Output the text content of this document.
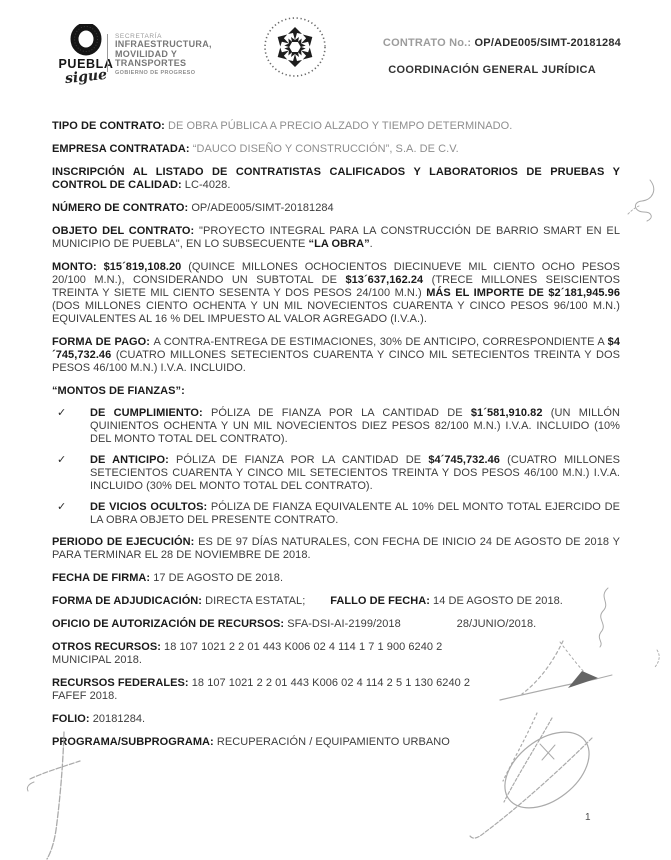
PUEBLA
sigue
SECRETARÍA
INFRAESTRUCTURA,
MOVILIDAD Y
TRANSPORTES
GOBIERNO DE PROGRESO
CONTRATO No.: OP/ADE005/SIMT-20181284
COORDINACIÓN GENERAL JURÍDICA
TIPO DE CONTRATO: DE OBRA PÚBLICA A PRECIO ALZADO Y TIEMPO DETERMINADO.
EMPRESA CONTRATADA: “DAUCO DISEÑO Y CONSTRUCCIÓN”, S.A. DE C.V.
INSCRIPCIÓN AL LISTADO DE CONTRATISTAS CALIFICADOS Y LABORATORIOS DE PRUEBAS Y CONTROL DE CALIDAD: LC-4028.
NÚMERO DE CONTRATO: OP/ADE005/SIMT-20181284
OBJETO DEL CONTRATO: "PROYECTO INTEGRAL PARA LA CONSTRUCCIÓN DE BARRIO SMART EN EL MUNICIPIO DE PUEBLA", EN LO SUBSECUENTE “LA OBRA”.
MONTO: $15´819,108.20 (QUINCE MILLONES OCHOCIENTOS DIECINUEVE MIL CIENTO OCHO PESOS 20/100 M.N.), CONSIDERANDO UN SUBTOTAL DE $13´637,162.24 (TRECE MILLONES SEISCIENTOS TREINTA Y SIETE MIL CIENTO SESENTA Y DOS PESOS 24/100 M.N.) MÁS EL IMPORTE DE $2´181,945.96 (DOS MILLONES CIENTO OCHENTA Y UN MIL NOVECIENTOS CUARENTA Y CINCO PESOS 96/100 M.N.) EQUIVALENTES AL 16 % DEL IMPUESTO AL VALOR AGREGADO (I.V.A.).
FORMA DE PAGO: A CONTRA-ENTREGA DE ESTIMACIONES, 30% DE ANTICIPO, CORRESPONDIENTE A $4´745,732.46 (CUATRO MILLONES SETECIENTOS CUARENTA Y CINCO MIL SETECIENTOS TREINTA Y DOS PESOS 46/100 M.N.) I.V.A. INCLUIDO.
“MONTOS DE FIANZAS”:
✓	DE CUMPLIMIENTO: PÓLIZA DE FIANZA POR LA CANTIDAD DE $1´581,910.82 (UN MILLÓN QUINIENTOS OCHENTA Y UN MIL NOVECIENTOS DIEZ PESOS 82/100 M.N.) I.V.A. INCLUIDO (10% DEL MONTO TOTAL DEL CONTRATO).
✓	DE ANTICIPO: PÓLIZA DE FIANZA POR LA CANTIDAD DE $4´745,732.46 (CUATRO MILLONES SETECIENTOS CUARENTA Y CINCO MIL SETECIENTOS TREINTA Y DOS PESOS 46/100 M.N.) I.V.A. INCLUIDO (30% DEL MONTO TOTAL DEL CONTRATO).
✓	DE VICIOS OCULTOS: PÓLIZA DE FIANZA EQUIVALENTE AL 10% DEL MONTO TOTAL EJERCIDO DE LA OBRA OBJETO DEL PRESENTE CONTRATO.
PERIODO DE EJECUCIÓN: ES DE 97 DÍAS NATURALES, CON FECHA DE INICIO 24 DE AGOSTO DE 2018 Y PARA TERMINAR EL 28 DE NOVIEMBRE DE 2018.
FECHA DE FIRMA: 17 DE AGOSTO DE 2018.
FORMA DE ADJUDICACIÓN: DIRECTA ESTATAL;        FALLO DE FECHA: 14 DE AGOSTO DE 2018.
OFICIO DE AUTORIZACIÓN DE RECURSOS: SFA-DSI-AI-2199/2018                  28/JUNIO/2018.
OTROS RECURSOS: 18 107 1021 2 2 01 443 K006 02 4 114 1 7 1 900 6240 2
MUNICIPAL 2018.
RECURSOS FEDERALES: 18 107 1021 2 2 01 443 K006 02 4 114 2 5 1 130 6240 2
FAFEF 2018.
FOLIO: 20181284.
PROGRAMA/SUBPROGRAMA: RECUPERACIÓN / EQUIPAMIENTO URBANO
1
